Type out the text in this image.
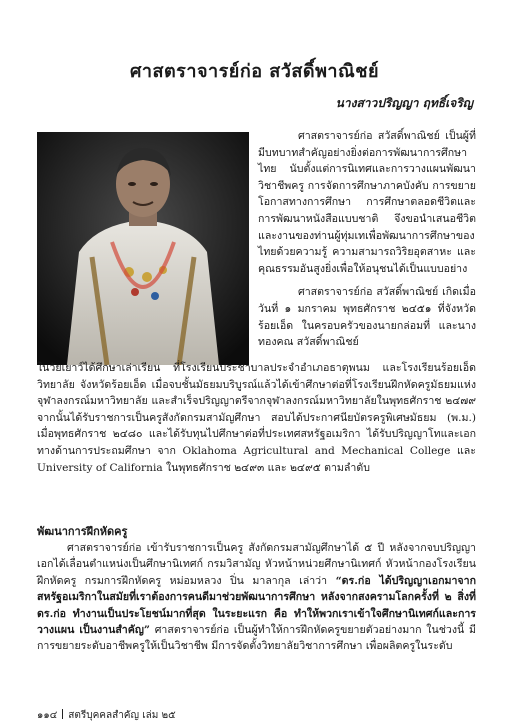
ศาสตราจารย์ก่อ สวัสดิ์พาณิชย์
นางสาวปริญญา ฤทธิ์เจริญ

ศาสตราจารย์ก่อ สวัสดิ์พาณิชย์ เป็นผู้ที่มีบทบาทสำคัญอย่างยิ่งต่อการพัฒนาการศึกษาไทย นับตั้งแต่การนิเทศและการวางแผนพัฒนาวิชาชีพครู การจัดการศึกษาภาคบังคับ การขยายโอกาสทางการศึกษา การศึกษาตลอดชีวิตและการพัฒนาหนังสือแบบชาติ จึงขอนำเสนอชีวิตและงานของท่านผู้ทุ่มเทเพื่อพัฒนาการศึกษาของไทยด้วยความรู้ ความสามารถวิริยอุตสาหะ และคุณธรรมอันสูงยิ่งเพื่อให้อนุชนได้เป็นแบบอย่าง

ศาสตราจารย์ก่อ สวัสดิ์พาณิชย์ เกิดเมื่อวันที่ ๑ มกราคม พุทธศักราช ๒๔๕๑ ที่จังหวัดร้อยเอ็ด ในครอบครัวของนายกล่อมที่ และนางทองคณ สวัสดิ์พาณิชย์

ในวัยเยาว์ได้ศึกษาเล่าเรียน ที่โรงเรียนประชาบาลประจำอำเภอธาตุพนม และโรงเรียนร้อยเอ็ดวิทยาลัย จังหวัดร้อยเอ็ด เมื่อจบชั้นมัธยมบริบูรณ์แล้วได้เข้าศึกษาต่อที่โรงเรียนฝึกหัดครูมัธยมแห่งจุฬาลงกรณ์มหาวิทยาลัย และสำเร็จปริญญาตรีจากจุฬาลงกรณ์มหาวิทยาลัยในพุทธศักราช ๒๔๗๙ จากนั้นได้รับราชการเป็นครูสังกัดกรมสามัญศึกษา สอบได้ประกาศนียบัตรครูพิเศษมัธยม (พ.ม.) เมื่อพุทธศักราช ๒๔๘๐ และได้รับทุนไปศึกษาต่อที่ประเทศสหรัฐอเมริกา ได้รับปริญญาโทและเอกทางด้านการประถมศึกษา จาก Oklahoma Agricultural and Mechanical College และ University of California ในพุทธศักราช ๒๔๙๓ และ ๒๔๙๕ ตามลำดับ

พัฒนาการฝึกหัดครู
ศาสตราจารย์ก่อ เข้ารับราชการเป็นครู สังกัดกรมสามัญศึกษาได้ ๕ ปี หลังจากจบปริญญาเอกได้เลื่อนตำแหน่งเป็นศึกษานิเทศก์ กรมวิสามัญ หัวหน้าหน่วยศึกษานิเทศก์ หัวหน้ากองโรงเรียนฝึกหัดครู กรมการฝึกหัดครู หม่อมหลวง ปิ่น มาลากุล เล่าว่า “ดร.ก่อ ได้ปริญญาเอกมาจากสหรัฐอเมริกาในสมัยที่เราต้องการคนดีมาช่วยพัฒนาการศึกษา หลังจากสงครามโลกครั้งที่ ๒ สิ่งที่ ดร.ก่อ ทำงานเป็นประโยชน์มากที่สุด ในระยะแรก คือ ทำให้พวกเราเข้าใจศึกษานิเทศก์และการวางแผน เป็นงานสำคัญ” ศาสตราจารย์ก่อ เป็นผู้ทำให้การฝึกหัดครูขยายตัวอย่างมาก ในช่วงนี้ มีการขยายระดับอาชีพครูให้เป็นวิชาชีพ มีการจัดตั้งวิทยาลัยวิชาการศึกษา เพื่อผลิตครูในระดับ
๑๑๔ สตรีบุคคลสำคัญ เล่ม ๒๕
